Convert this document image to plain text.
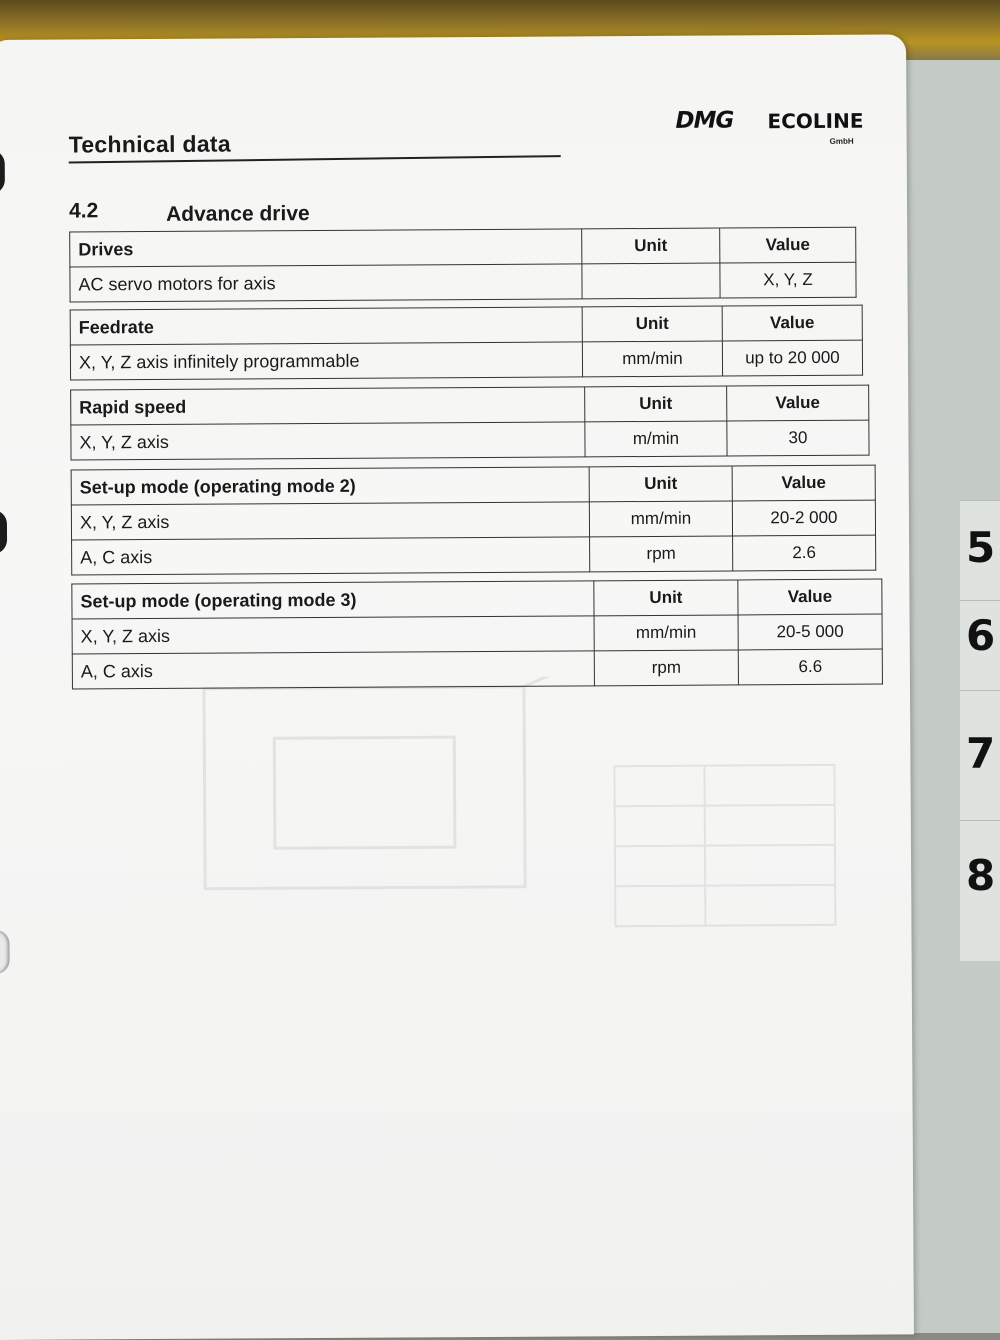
5
6
7
8
Technical data
DMG ECOLINE
GmbH
4.2	Advance drive
Drives	Unit	Value
AC servo motors for axis		X, Y, Z
Feedrate	Unit	Value
X, Y, Z axis infinitely programmable	mm/min	up to 20 000
Rapid speed	Unit	Value
X, Y, Z axis	m/min	30
Set-up mode (operating mode 2)	Unit	Value
X, Y, Z axis	mm/min	20-2 000
A, C axis	rpm	2.6
Set-up mode (operating mode 3)	Unit	Value
X, Y, Z axis	mm/min	20-5 000
A, C axis	rpm	6.6
